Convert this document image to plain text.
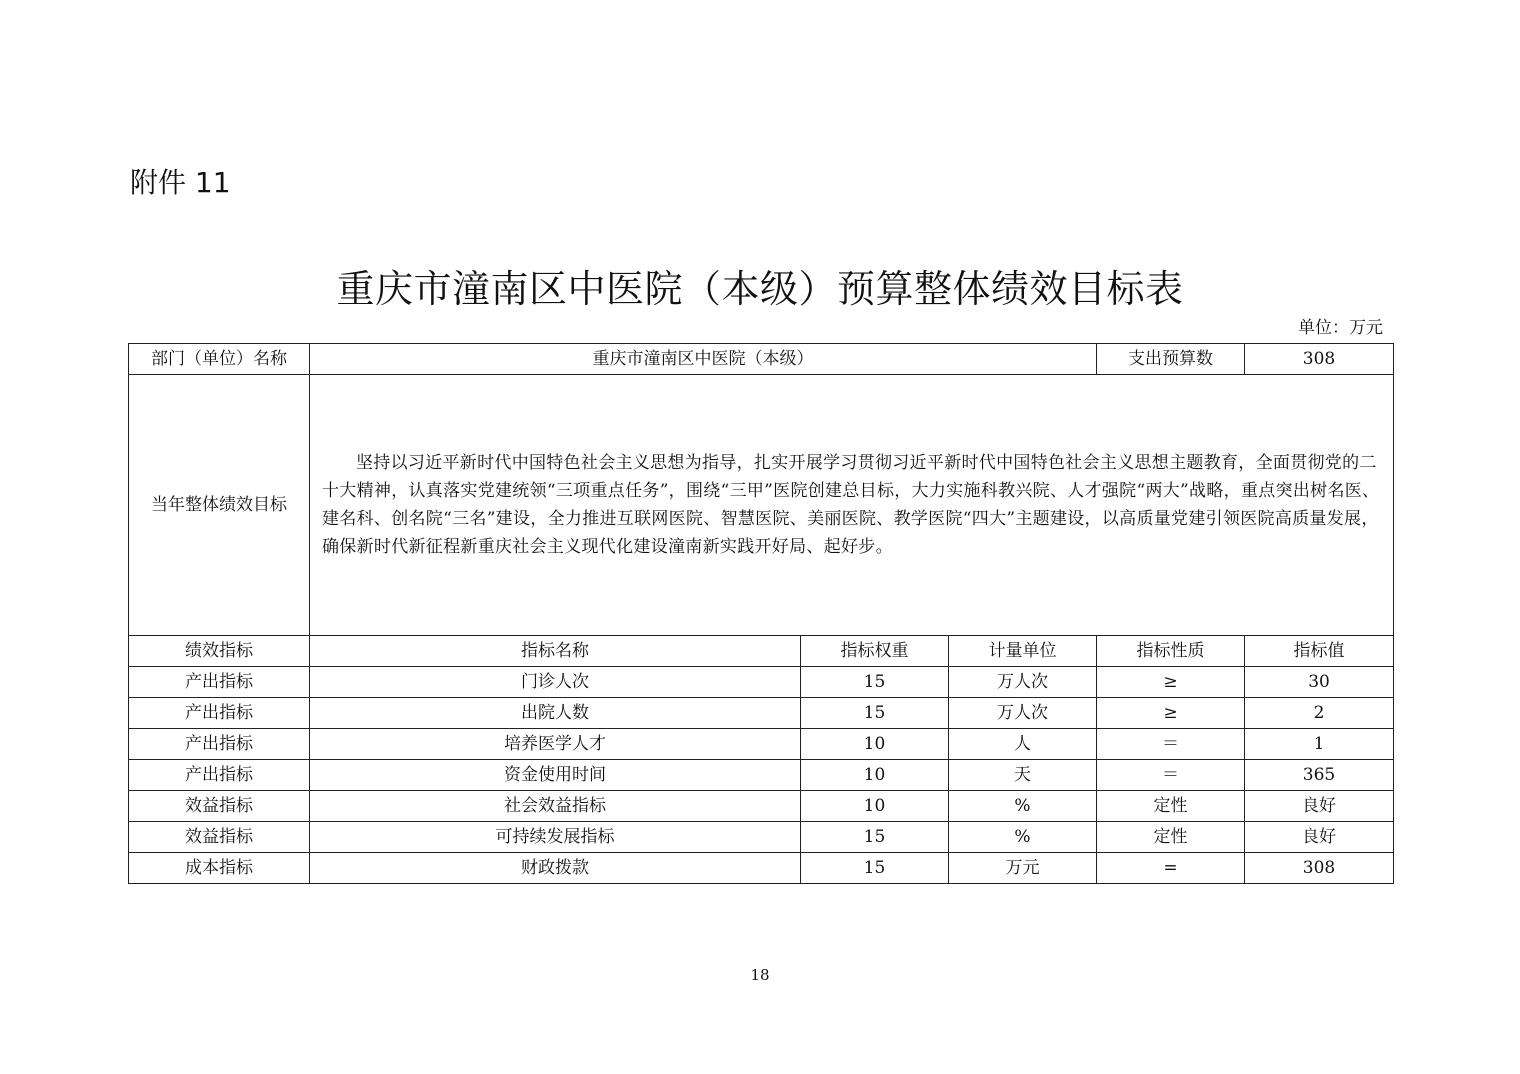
附件 11
重庆市潼南区中医院（本级）预算整体绩效目标表
单位：万元
部门（单位）名称	重庆市潼南区中医院（本级）			支出预算数	308
当年整体绩效目标	坚持以习近平新时代中国特色社会主义思想为指导，扎实开展学习贯彻习近平新时代中国特色社会主义思想主题教育，全面贯彻党的二十大精神，认真落实党建统领“三项重点任务”，围绕“三甲”医院创建总目标，大力实施科教兴院、人才强院“两大”战略，重点突出树名医、建名科、创名院“三名”建设，全力推进互联网医院、智慧医院、美丽医院、教学医院“四大”主题建设，以高质量党建引领医院高质量发展，确保新时代新征程新重庆社会主义现代化建设潼南新实践开好局、起好步。				
绩效指标	指标名称	指标权重	计量单位	指标性质	指标值
产出指标	门诊人次	15	万人次	≥	30
产出指标	出院人数	15	万人次	≥	2
产出指标	培养医学人才	10	人	＝	1
产出指标	资金使用时间	10	天	＝	365
效益指标	社会效益指标	10	%	定性	良好
效益指标	可持续发展指标	15	%	定性	良好
成本指标	财政拨款	15	万元	=	308
18
